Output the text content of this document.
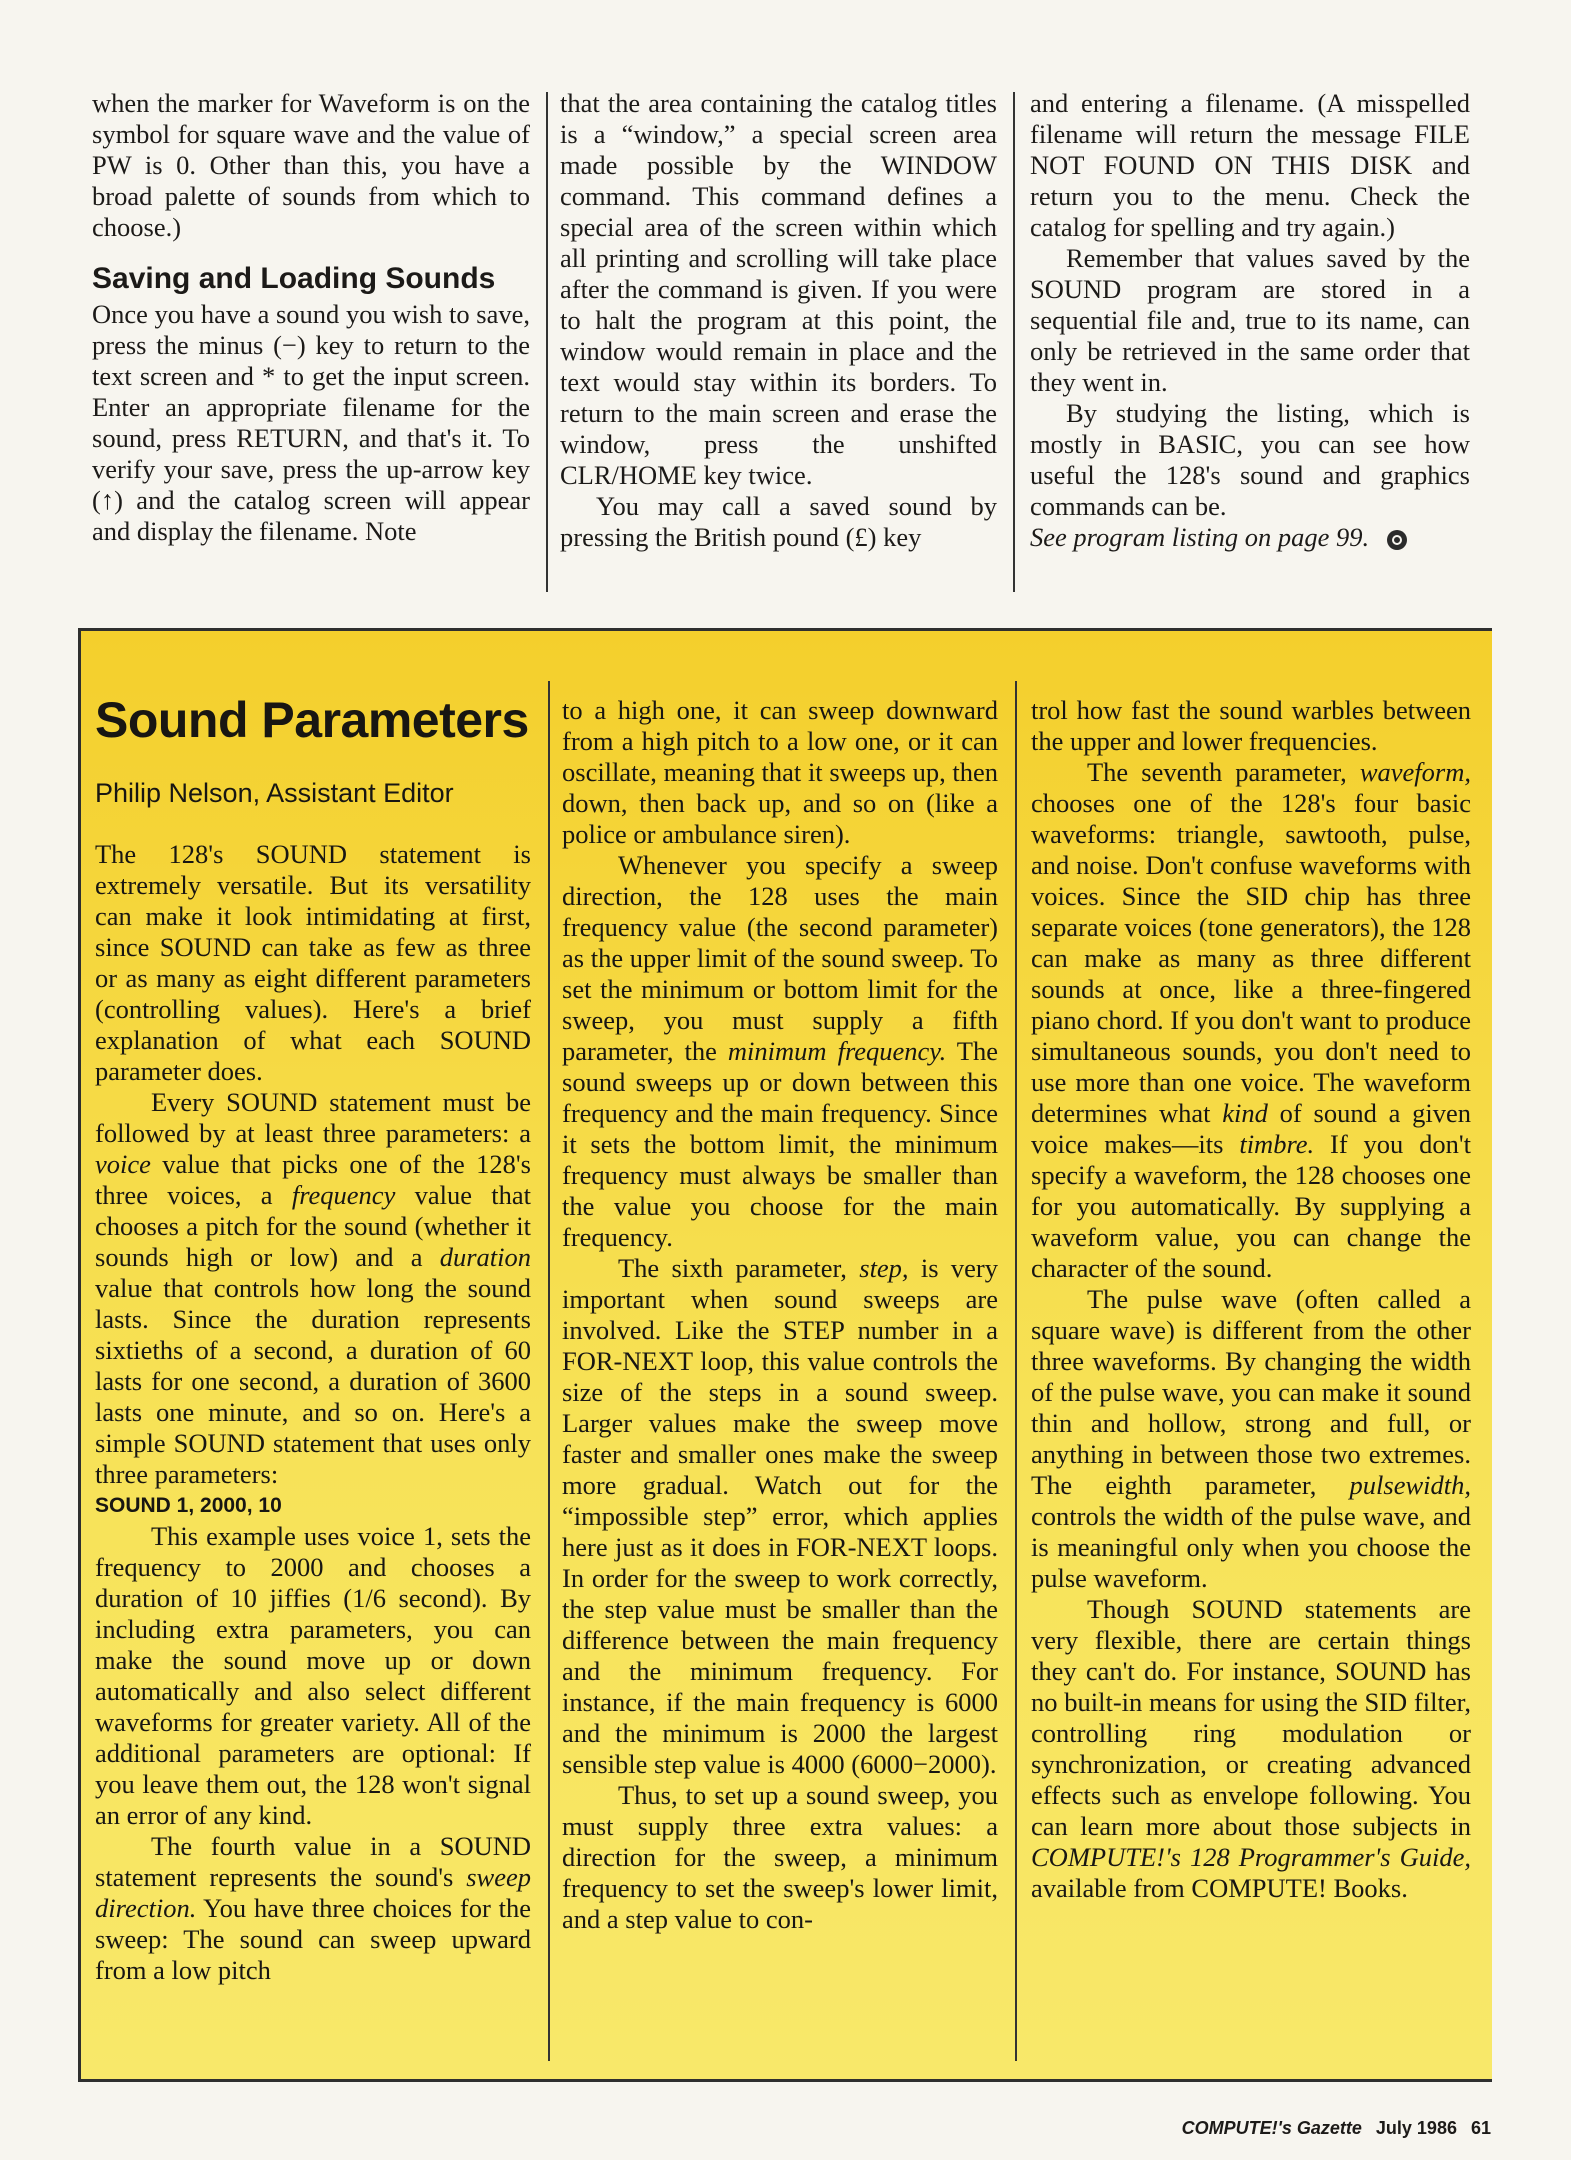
when the marker for Waveform is on the symbol for square wave and the value of PW is 0. Other than this, you have a broad palette of sounds from which to choose.)

Saving and Loading Sounds

Once you have a sound you wish to save, press the minus (−) key to return to the text screen and * to get the input screen. Enter an appropriate filename for the sound, press RETURN, and that's it. To verify your save, press the up-arrow key (↑) and the catalog screen will appear and display the filename. Note

that the area containing the catalog titles is a “window,” a special screen area made possible by the WINDOW command. This command defines a special area of the screen within which all printing and scrolling will take place after the command is given. If you were to halt the program at this point, the window would remain in place and the text would stay within its borders. To return to the main screen and erase the window, press the unshifted CLR/HOME key twice.

You may call a saved sound by pressing the British pound (£) key

and entering a filename. (A misspelled filename will return the message FILE NOT FOUND ON THIS DISK and return you to the menu. Check the catalog for spelling and try again.)

Remember that values saved by the SOUND program are stored in a sequential file and, true to its name, can only be retrieved in the same order that they went in.

By studying the listing, which is mostly in BASIC, you can see how useful the 128's sound and graphics commands can be.

See program listing on page 99.

Sound Parameters
Philip Nelson, Assistant Editor

The 128's SOUND statement is extremely versatile. But its versatility can make it look intimidating at first, since SOUND can take as few as three or as many as eight different parameters (controlling values). Here's a brief explanation of what each SOUND parameter does.

Every SOUND statement must be followed by at least three parameters: a voice value that picks one of the 128's three voices, a frequency value that chooses a pitch for the sound (whether it sounds high or low) and a duration value that controls how long the sound lasts. Since the duration represents sixtieths of a second, a duration of 60 lasts for one second, a duration of 3600 lasts one minute, and so on. Here's a simple SOUND statement that uses only three parameters:

SOUND 1, 2000, 10

This example uses voice 1, sets the frequency to 2000 and chooses a duration of 10 jiffies (1/6 second). By including extra parameters, you can make the sound move up or down automatically and also select different waveforms for greater variety. All of the additional parameters are optional: If you leave them out, the 128 won't signal an error of any kind.

The fourth value in a SOUND statement represents the sound's sweep direction. You have three choices for the sweep: The sound can sweep upward from a low pitch

to a high one, it can sweep downward from a high pitch to a low one, or it can oscillate, meaning that it sweeps up, then down, then back up, and so on (like a police or ambulance siren).

Whenever you specify a sweep direction, the 128 uses the main frequency value (the second parameter) as the upper limit of the sound sweep. To set the minimum or bottom limit for the sweep, you must supply a fifth parameter, the minimum frequency. The sound sweeps up or down between this frequency and the main frequency. Since it sets the bottom limit, the minimum frequency must always be smaller than the value you choose for the main frequency.

The sixth parameter, step, is very important when sound sweeps are involved. Like the STEP number in a FOR-NEXT loop, this value controls the size of the steps in a sound sweep. Larger values make the sweep move faster and smaller ones make the sweep more gradual. Watch out for the “impossible step” error, which applies here just as it does in FOR-NEXT loops. In order for the sweep to work correctly, the step value must be smaller than the difference between the main frequency and the minimum frequency. For instance, if the main frequency is 6000 and the minimum is 2000 the largest sensible step value is 4000 (6000−2000).

Thus, to set up a sound sweep, you must supply three extra values: a direction for the sweep, a minimum frequency to set the sweep's lower limit, and a step value to con-

trol how fast the sound warbles between the upper and lower frequencies.

The seventh parameter, waveform, chooses one of the 128's four basic waveforms: triangle, sawtooth, pulse, and noise. Don't confuse waveforms with voices. Since the SID chip has three separate voices (tone generators), the 128 can make as many as three different sounds at once, like a three-fingered piano chord. If you don't want to produce simultaneous sounds, you don't need to use more than one voice. The waveform determines what kind of sound a given voice makes—its timbre. If you don't specify a waveform, the 128 chooses one for you automatically. By supplying a waveform value, you can change the character of the sound.

The pulse wave (often called a square wave) is different from the other three waveforms. By changing the width of the pulse wave, you can make it sound thin and hollow, strong and full, or anything in between those two extremes. The eighth parameter, pulsewidth, controls the width of the pulse wave, and is meaningful only when you choose the pulse waveform.

Though SOUND statements are very flexible, there are certain things they can't do. For instance, SOUND has no built-in means for using the SID filter, controlling ring modulation or synchronization, or creating advanced effects such as envelope following. You can learn more about those subjects in COMPUTE!'s 128 Programmer's Guide, available from COMPUTE! Books.

COMPUTE!'s Gazette July 1986 61
